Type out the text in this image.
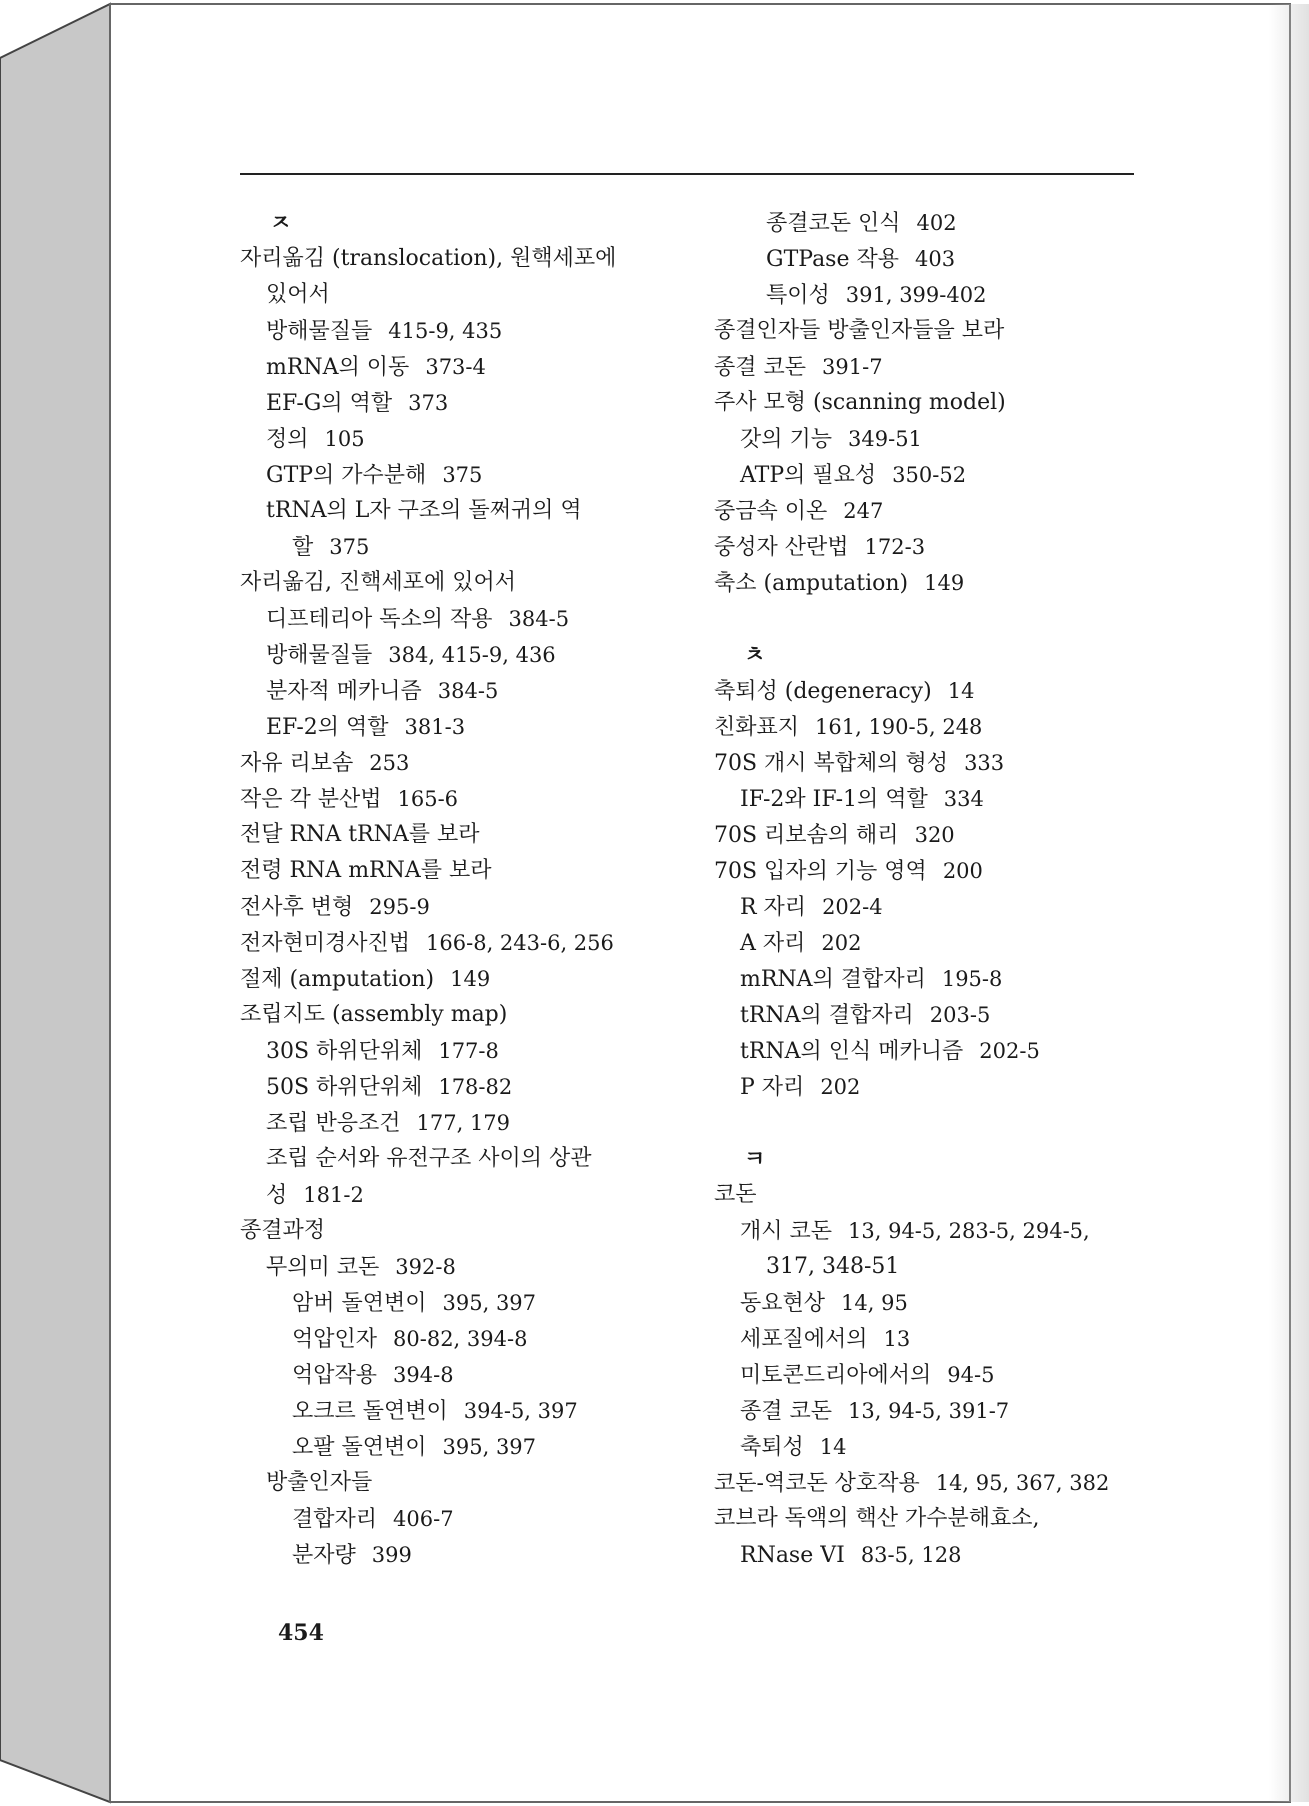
ㅈ
자리옮김 (translocation), 원핵세포에
있어서
방해물질들 415-9, 435
mRNA의 이동 373-4
EF-G의 역할 373
정의 105
GTP의 가수분해 375
tRNA의 L자 구조의 돌쩌귀의 역
할 375
자리옮김, 진핵세포에 있어서
디프테리아 독소의 작용 384-5
방해물질들 384, 415-9, 436
분자적 메카니즘 384-5
EF-2의 역할 381-3
자유 리보솜 253
작은 각 분산법 165-6
전달 RNA tRNA를 보라
전령 RNA mRNA를 보라
전사후 변형 295-9
전자현미경사진법 166-8, 243-6, 256
절제 (amputation) 149
조립지도 (assembly map)
30S 하위단위체 177-8
50S 하위단위체 178-82
조립 반응조건 177, 179
조립 순서와 유전구조 사이의 상관
성 181-2
종결과정
무의미 코돈 392-8
암버 돌연변이 395, 397
억압인자 80-82, 394-8
억압작용 394-8
오크르 돌연변이 394-5, 397
오팔 돌연변이 395, 397
방출인자들
결합자리 406-7
분자량 399
종결코돈 인식 402
GTPase 작용 403
특이성 391, 399-402
종결인자들 방출인자들을 보라
종결 코돈 391-7
주사 모형 (scanning model)
갓의 기능 349-51
ATP의 필요성 350-52
중금속 이온 247
중성자 산란법 172-3
축소 (amputation) 149
ㅊ
축퇴성 (degeneracy) 14
친화표지 161, 190-5, 248
70S 개시 복합체의 형성 333
IF-2와 IF-1의 역할 334
70S 리보솜의 해리 320
70S 입자의 기능 영역 200
R 자리 202-4
A 자리 202
mRNA의 결합자리 195-8
tRNA의 결합자리 203-5
tRNA의 인식 메카니즘 202-5
P 자리 202
ㅋ
코돈
개시 코돈 13, 94-5, 283-5, 294-5,
317, 348-51
동요현상 14, 95
세포질에서의 13
미토콘드리아에서의 94-5
종결 코돈 13, 94-5, 391-7
축퇴성 14
코돈-역코돈 상호작용 14, 95, 367, 382
코브라 독액의 핵산 가수분해효소,
RNase VI 83-5, 128
454
